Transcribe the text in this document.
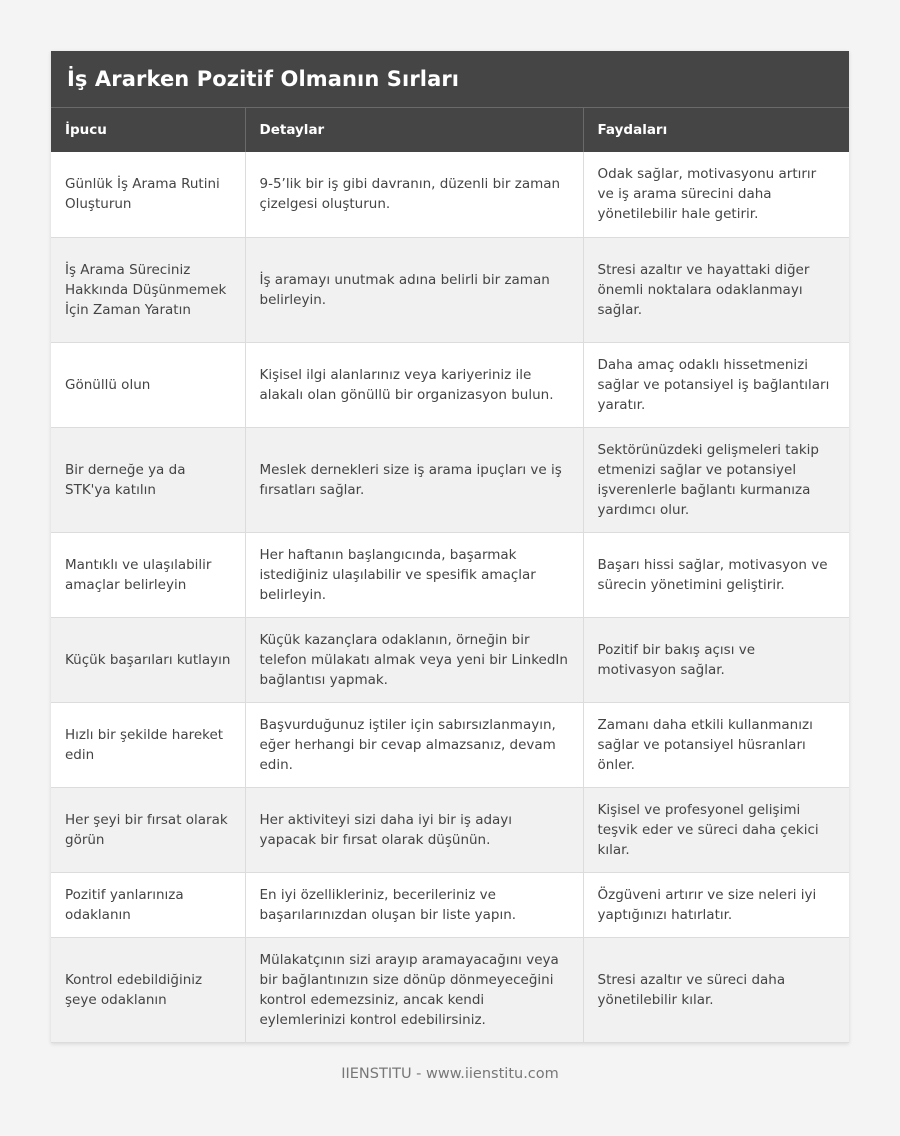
İş Ararken Pozitif Olmanın Sırları
İpucu	Detaylar	Faydaları
Günlük İş Arama Rutini Oluşturun	9-5’lik bir iş gibi davranın, düzenli bir zaman çizelgesi oluşturun.	Odak sağlar, motivasyonu artırır ve iş arama sürecini daha yönetilebilir hale getirir.
İş Arama Süreciniz Hakkında Düşünmemek İçin Zaman Yaratın	İş aramayı unutmak adına belirli bir zaman belirleyin.	Stresi azaltır ve hayattaki diğer önemli noktalara odaklanmayı sağlar.
Gönüllü olun	Kişisel ilgi alanlarınız veya kariyeriniz ile alakalı olan gönüllü bir organizasyon bulun.	Daha amaç odaklı hissetmenizi sağlar ve potansiyel iş bağlantıları yaratır.
Bir derneğe ya da STK'ya katılın	Meslek dernekleri size iş arama ipuçları ve iş fırsatları sağlar.	Sektörünüzdeki gelişmeleri takip etmenizi sağlar ve potansiyel işverenlerle bağlantı kurmanıza yardımcı olur.
Mantıklı ve ulaşılabilir amaçlar belirleyin	Her haftanın başlangıcında, başarmak istediğiniz ulaşılabilir ve spesifik amaçlar belirleyin.	Başarı hissi sağlar, motivasyon ve sürecin yönetimini geliştirir.
Küçük başarıları kutlayın	Küçük kazançlara odaklanın, örneğin bir telefon mülakatı almak veya yeni bir LinkedIn bağlantısı yapmak.	Pozitif bir bakış açısı ve motivasyon sağlar.
Hızlı bir şekilde hareket edin	Başvurduğunuz iştiler için sabırsızlanmayın, eğer herhangi bir cevap almazsanız, devam edin.	Zamanı daha etkili kullanmanızı sağlar ve potansiyel hüsranları önler.
Her şeyi bir fırsat olarak görün	Her aktiviteyi sizi daha iyi bir iş adayı yapacak bir fırsat olarak düşünün.	Kişisel ve profesyonel gelişimi teşvik eder ve süreci daha çekici kılar.
Pozitif yanlarınıza odaklanın	En iyi özellikleriniz, becerileriniz ve başarılarınızdan oluşan bir liste yapın.	Özgüveni artırır ve size neleri iyi yaptığınızı hatırlatır.
Kontrol edebildiğiniz şeye odaklanın	Mülakatçının sizi arayıp aramayacağını veya bir bağlantınızın size dönüp dönmeyeceğini kontrol edemezsiniz, ancak kendi eylemlerinizi kontrol edebilirsiniz.	Stresi azaltır ve süreci daha yönetilebilir kılar.
IIENSTITU - www.iienstitu.com
